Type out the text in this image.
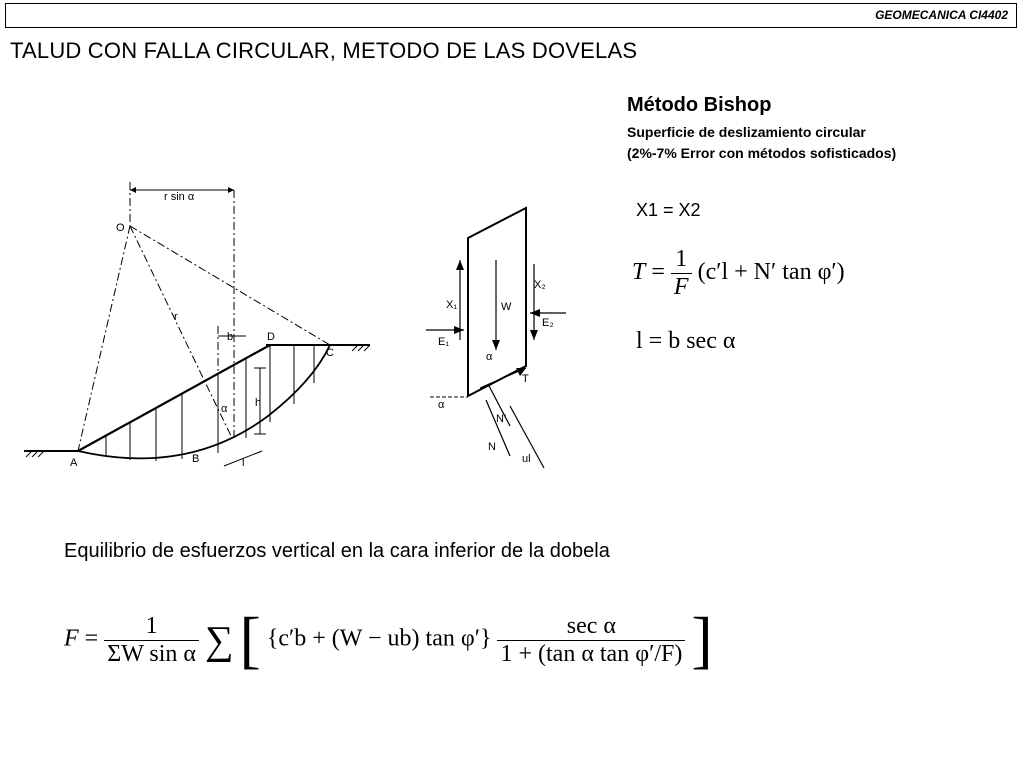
GEOMECANICA CI4402
TALUD CON FALLA CIRCULAR, METODO DE LAS DOVELAS
Método Bishop
Superficie de deslizamiento circular
(2%-7% Error con métodos sofisticados)
X1 = X2
$T = \frac{1}{F} (c'l + N'$ tan φ′)
l = b sec α
r sin α
b
h
l
O
r
D
C
α
A	B
X₁	W
X₂
E₂
E₁
α
T
α
N′
N
ul
Equilibrio de esfuerzos vertical en la cara inferior de la dobela
$F = \frac{1}{\text{ΣW sin α}}$ ∑ [ {c′b + (W − ub) $\tan \varphi'\} \frac{\text{sec α}}{\text{1 + (tan α tan φ′/F)}}$ ]
